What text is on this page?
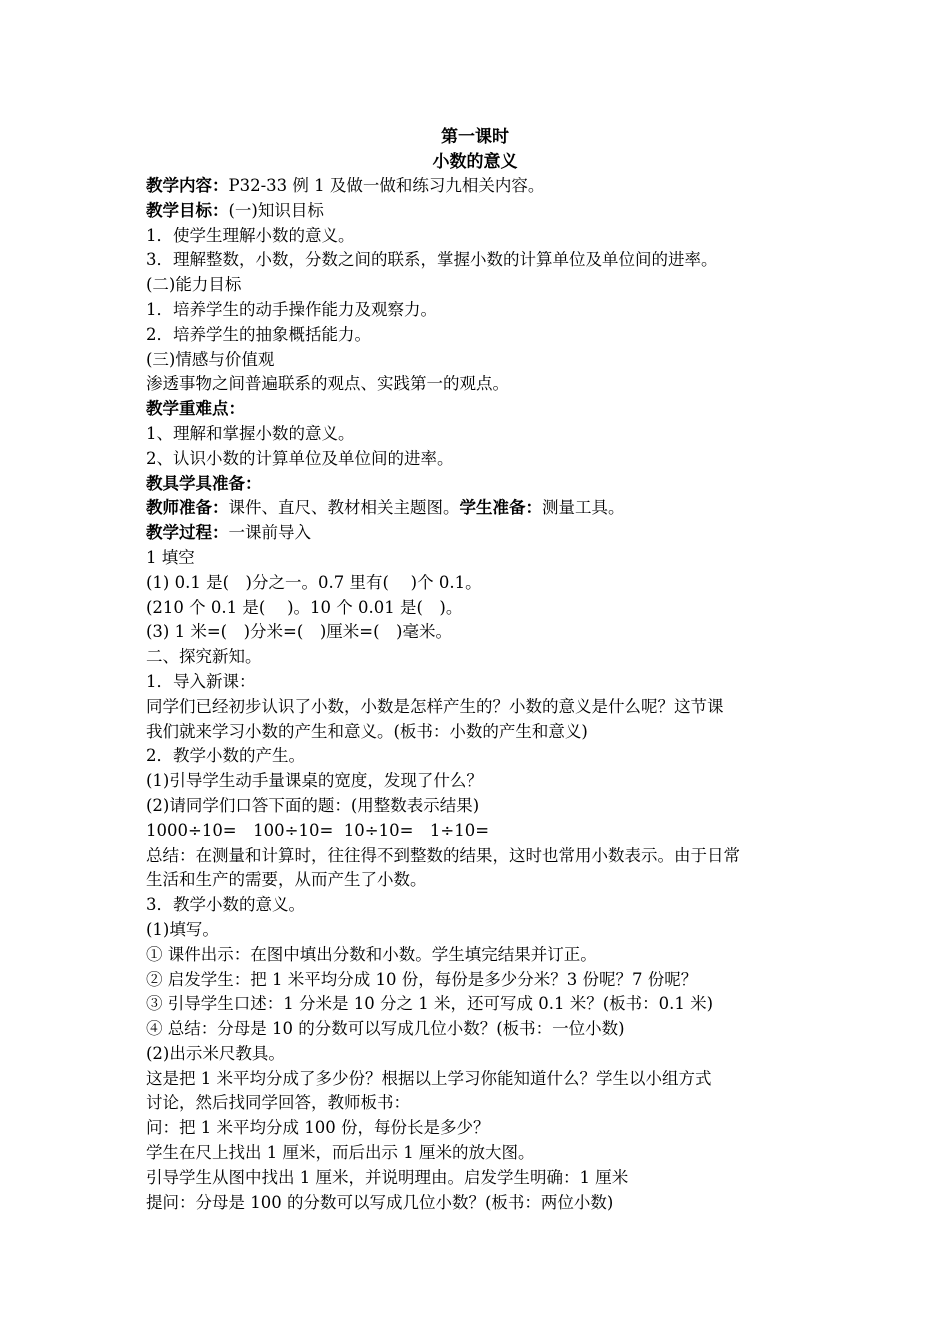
第一课时
小数的意义
教学内容：P32-33 例 1 及做一做和练习九相关内容。
教学目标：(一)知识目标
1．使学生理解小数的意义。
3．理解整数，小数，分数之间的联系，掌握小数的计算单位及单位间的进率。
(二)能力目标
1．培养学生的动手操作能力及观察力。
2．培养学生的抽象概括能力。
(三)情感与价值观
渗透事物之间普遍联系的观点、实践第一的观点。
教学重难点：
1、理解和掌握小数的意义。
2、认识小数的计算单位及单位间的进率。
教具学具准备：
教师准备：课件、直尺、教材相关主题图。学生准备：测量工具。
教学过程：一课前导入
1 填空
(1) 0.1 是(　)分之一。0.7 里有(　 )个 0.1。
(210 个 0.1 是(　 )。10 个 0.01 是(　)。
(3) 1 米=(　)分米=(　)厘米=(　)毫米。
二、探究新知。
1．导入新课：
同学们已经初步认识了小数，小数是怎样产生的？小数的意义是什么呢？这节课
我们就来学习小数的产生和意义。(板书：小数的产生和意义)
2．教学小数的产生。
(1)引导学生动手量课桌的宽度，发现了什么？
(2)请同学们口答下面的题：(用整数表示结果)
1000÷10=　100÷10=  10÷10=　1÷10=
总结：在测量和计算时，往往得不到整数的结果，这时也常用小数表示。由于日常
生活和生产的需要，从而产生了小数。
3．教学小数的意义。
(1)填写。
① 课件出示：在图中填出分数和小数。学生填完结果并订正。
② 启发学生：把 1 米平均分成 10 份，每份是多少分米？3 份呢？7 份呢？
③ 引导学生口述：1 分米是 10 分之 1 米，还可写成 0.1 米？(板书：0.1 米)
④ 总结：分母是 10 的分数可以写成几位小数？(板书：一位小数)
(2)出示米尺教具。
这是把 1 米平均分成了多少份？根据以上学习你能知道什么？学生以小组方式
讨论，然后找同学回答，教师板书：
问：把 1 米平均分成 100 份，每份长是多少？
学生在尺上找出 1 厘米，而后出示 1 厘米的放大图。
引导学生从图中找出 1 厘米，并说明理由。启发学生明确：1 厘米
提问：分母是 100 的分数可以写成几位小数？(板书：两位小数)
